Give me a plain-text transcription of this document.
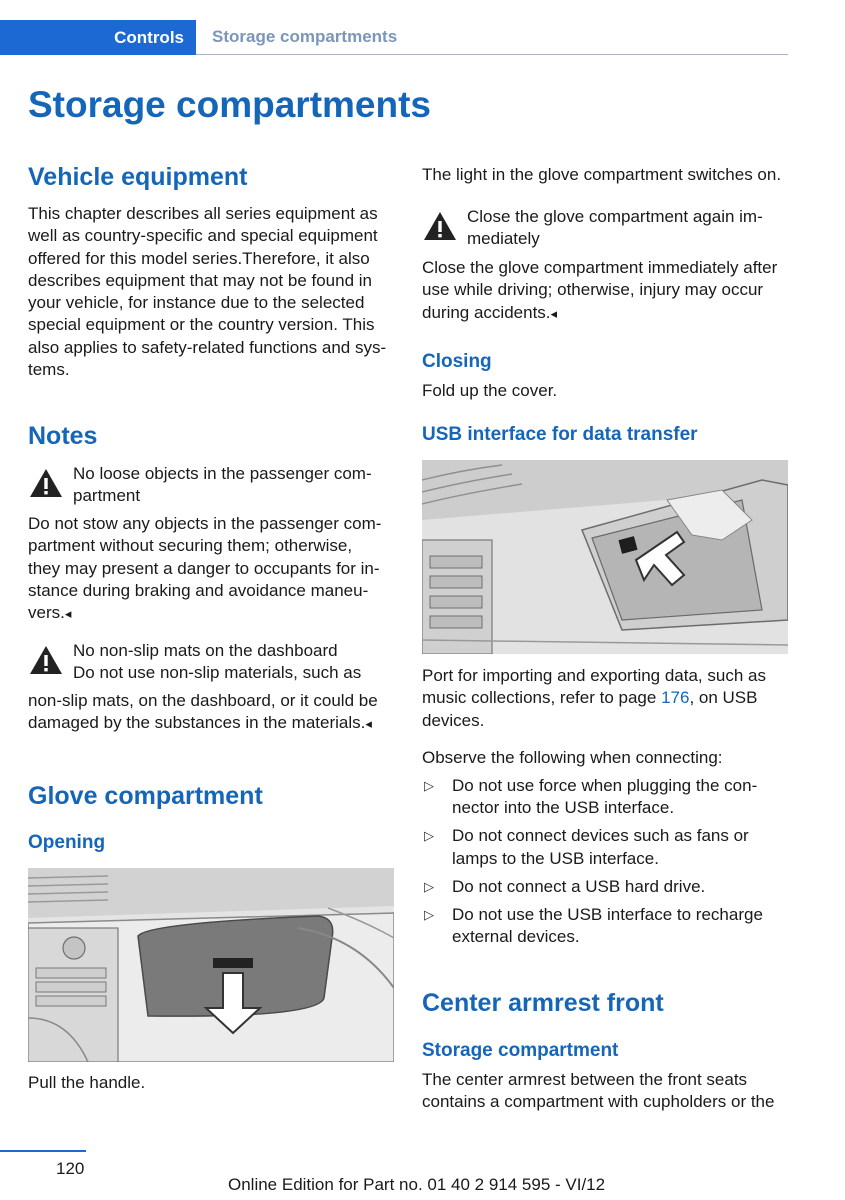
Controls	Storage compartments
Storage compartments
Vehicle equipment
This chapter describes all series equipment as
well as country-specific and special equipment
offered for this model series.Therefore, it also
describes equipment that may not be found in
your vehicle, for instance due to the selected
special equipment or the country version. This
also applies to safety-related functions and sys-
tems.
Notes
No loose objects in the passenger com-
partment
Do not stow any objects in the passenger com-
partment without securing them; otherwise,
they may present a danger to occupants for in-
stance during braking and avoidance maneu-
vers.◂
No non-slip mats on the dashboard
Do not use non-slip materials, such as
non-slip mats, on the dashboard, or it could be
damaged by the substances in the materials.◂
Glove compartment
Opening
Pull the handle.
The light in the glove compartment switches on.
Close the glove compartment again im-
mediately
Close the glove compartment immediately after
use while driving; otherwise, injury may occur
during accidents.◂
Closing
Fold up the cover.
USB interface for data transfer
Port for importing and exporting data, such as
music collections, refer to page 176, on USB
devices.
Observe the following when connecting:
▷ Do not use force when plugging the con-
nector into the USB interface.
▷ Do not connect devices such as fans or
lamps to the USB interface.
▷ Do not connect a USB hard drive.
▷ Do not use the USB interface to recharge
external devices.
Center armrest front
Storage compartment
The center armrest between the front seats
contains a compartment with cupholders or the
120
Online Edition for Part no. 01 40 2 914 595 - VI/12
